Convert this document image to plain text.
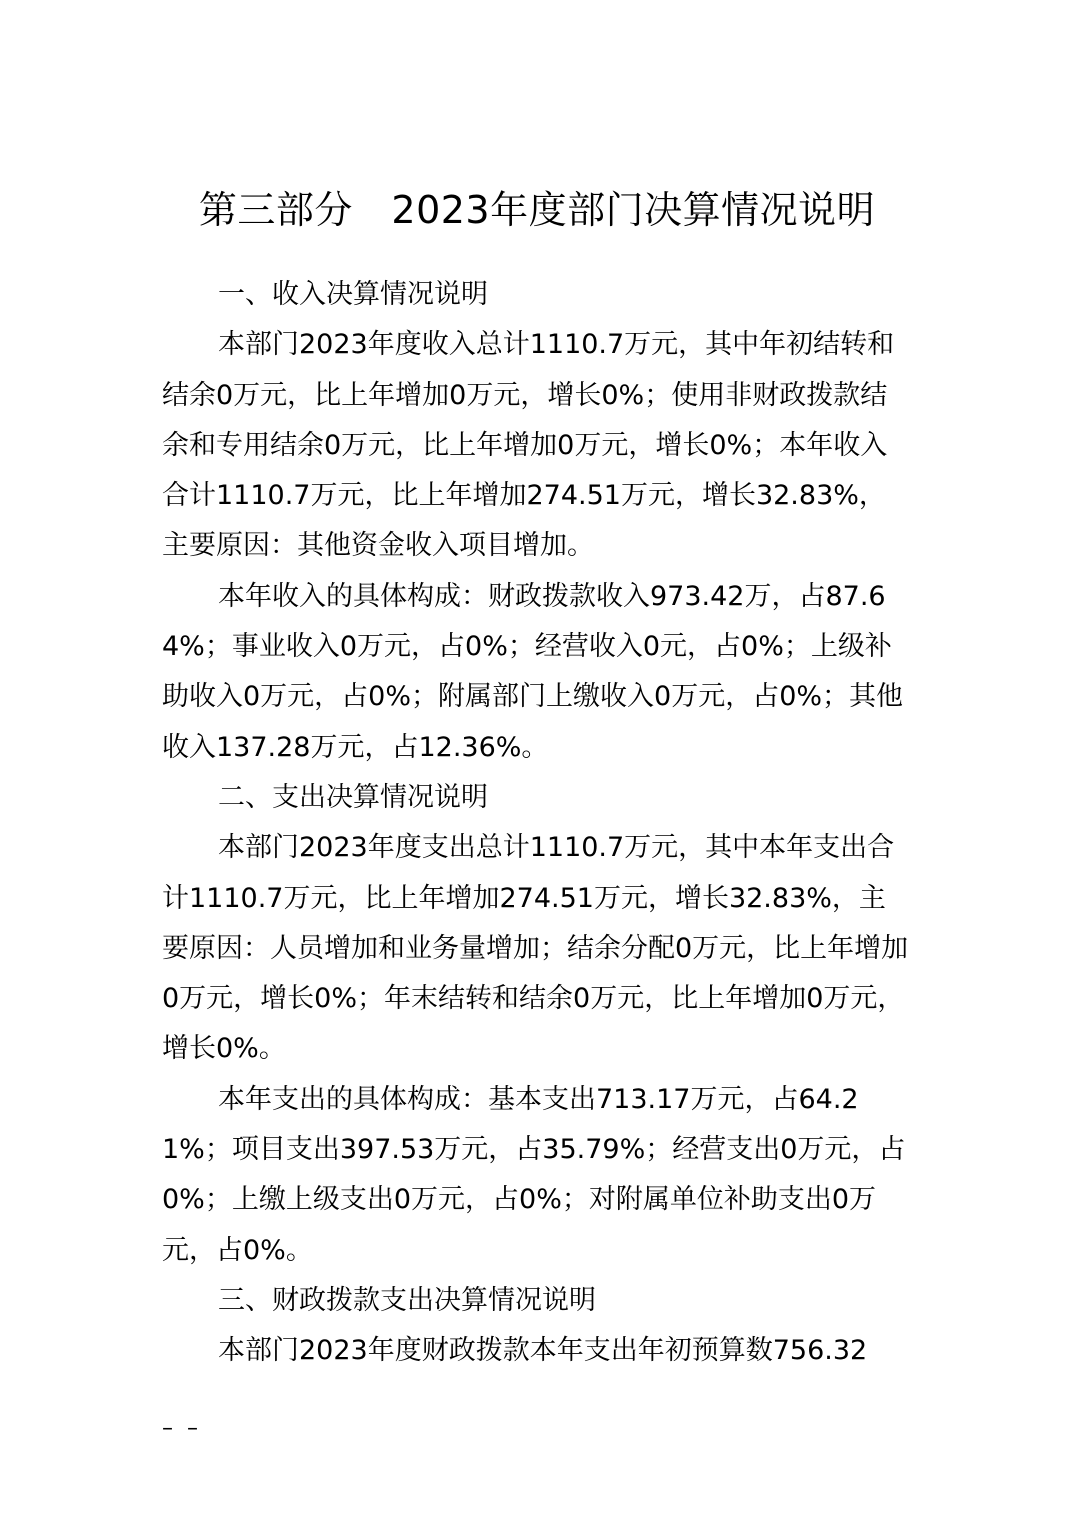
第三部分　2023年度部门决算情况说明

一、收入决算情况说明

本部门2023年度收入总计1110.7万元，其中年初结转和结余0万元，比上年增加0万元，增长0%；使用非财政拨款结余和专用结余0万元，比上年增加0万元，增长0%；本年收入合计1110.7万元，比上年增加274.51万元，增长32.83%，主要原因：其他资金收入项目增加。

本年收入的具体构成：财政拨款收入973.42万，占87.64%；事业收入0万元，占0%；经营收入0元，占0%；上级补助收入0万元，占0%；附属部门上缴收入0万元，占0%；其他收入137.28万元，占12.36%。

二、支出决算情况说明

本部门2023年度支出总计1110.7万元，其中本年支出合计1110.7万元，比上年增加274.51万元，增长32.83%，主要原因：人员增加和业务量增加；结余分配0万元，比上年增加0万元，增长0%；年末结转和结余0万元，比上年增加0万元，增长0%。

本年支出的具体构成：基本支出713.17万元，占64.21%；项目支出397.53万元，占35.79%；经营支出0万元，占0%；上缴上级支出0万元，占0%；对附属单位补助支出0万元，占0%。

三、财政拨款支出决算情况说明

本部门2023年度财政拨款本年支出年初预算数756.32

–  –
